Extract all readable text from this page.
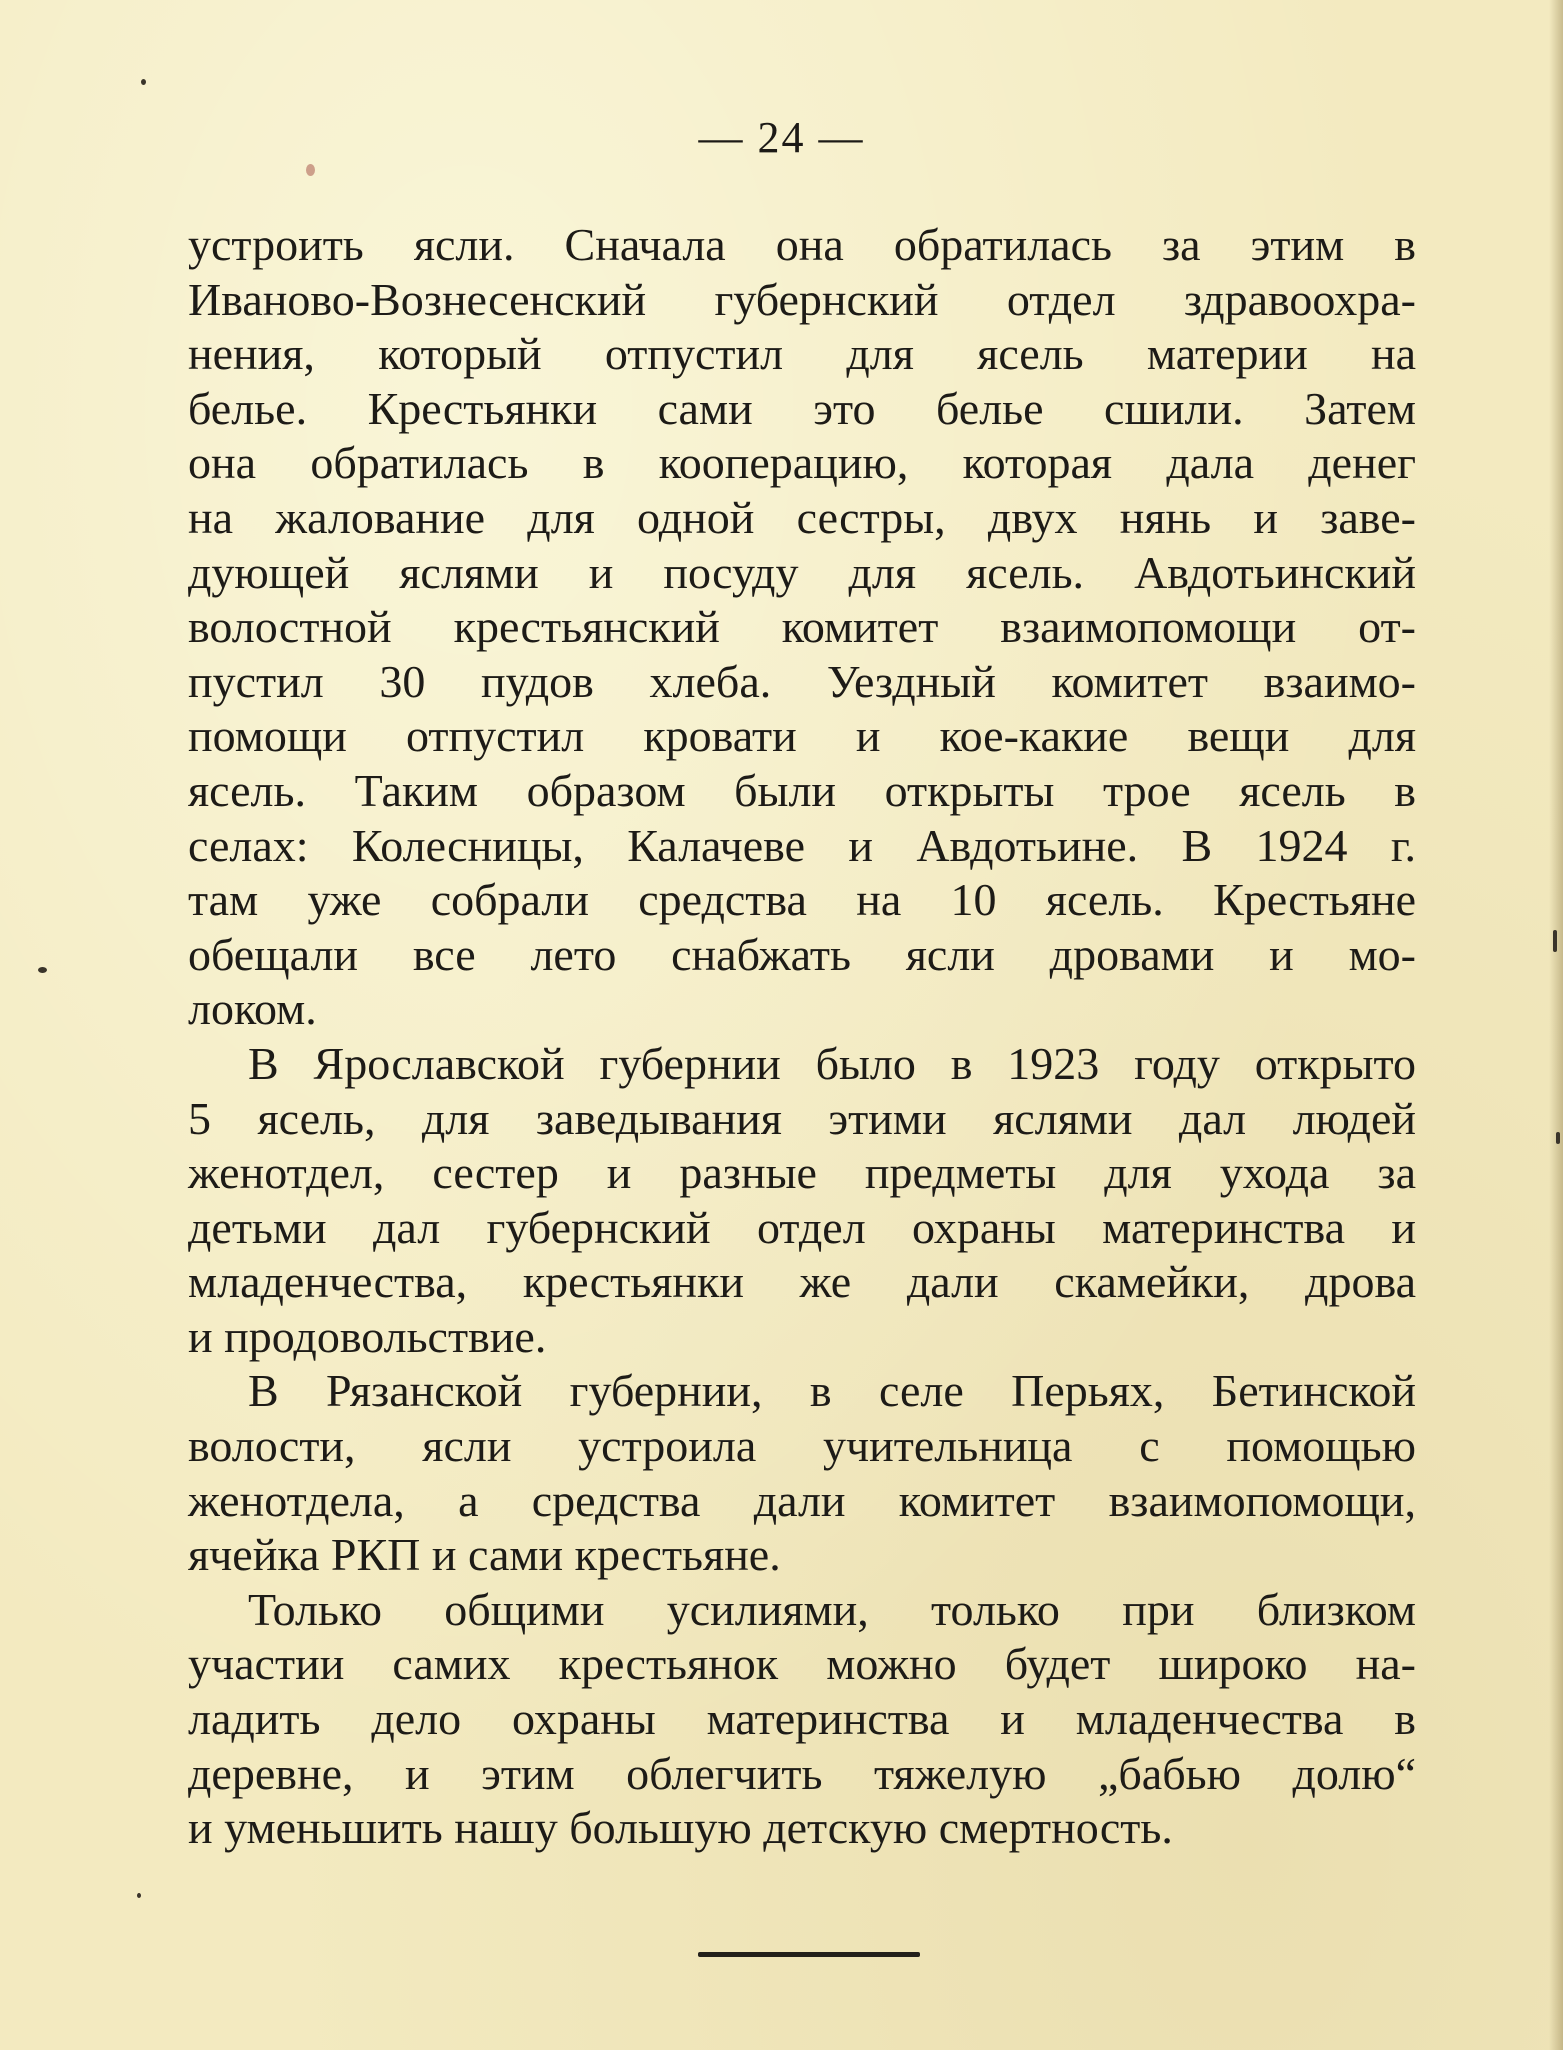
— 24 —
устроить ясли. Сначала она обратилась за этим в
Иваново-Вознесенский губернский отдел здравоохра-
нения, который отпустил для ясель материи на
белье. Крестьянки сами это белье сшили. Затем
она обратилась в кооперацию, которая дала денег
на жалование для одной сестры, двух нянь и заве-
дующей яслями и посуду для ясель. Авдотьинский
волостной крестьянский комитет взаимопомощи от-
пустил 30 пудов хлеба. Уездный комитет взаимо-
помощи отпустил кровати и кое-какие вещи для
ясель. Таким образом были открыты трое ясель в
селах: Колесницы, Калачеве и Авдотьине. В 1924 г.
там уже собрали средства на 10 ясель. Крестьяне
обещали все лето снабжать ясли дровами и мо-
локом.
В Ярославской губернии было в 1923 году открыто
5 ясель, для заведывания этими яслями дал людей
женотдел, сестер и разные предметы для ухода за
детьми дал губернский отдел охраны материнства и
младенчества, крестьянки же дали скамейки, дрова
и продовольствие.
В Рязанской губернии, в селе Перьях, Бетинской
волости, ясли устроила учительница с помощью
женотдела, а средства дали комитет взаимопомощи,
ячейка РКП и сами крестьяне.
Только общими усилиями, только при близком
участии самих крестьянок можно будет широко на-
ладить дело охраны материнства и младенчества в
деревне, и этим облегчить тяжелую „бабью долю“
и уменьшить нашу большую детскую смертность.
